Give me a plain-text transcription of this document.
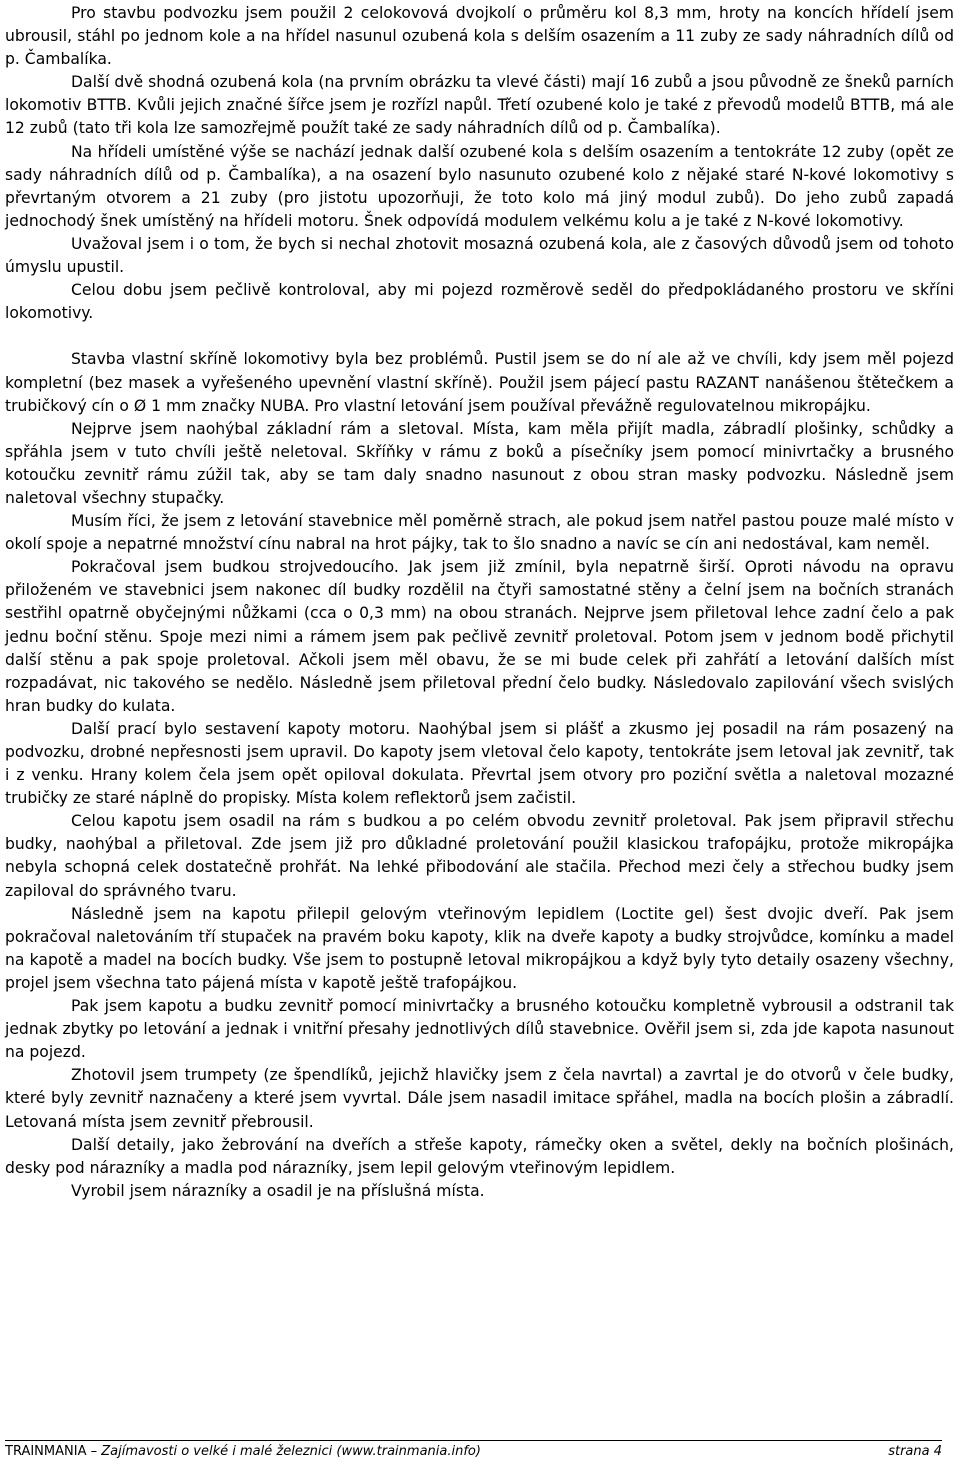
Pro stavbu podvozku jsem použil 2 celokovová dvojkolí o průměru kol 8,3 mm, hroty na koncích hřídelí jsem ubrousil, stáhl po jednom kole a na hřídel nasunul ozubená kola s delším osazením a 11 zuby ze sady náhradních dílů od p. Čambalíka.

Další dvě shodná ozubená kola (na prvním obrázku ta vlevé části) mají 16 zubů a jsou původně ze šneků parních lokomotiv BTTB. Kvůli jejich značné šířce jsem je rozřízl napůl. Třetí ozubené kolo je také z převodů modelů BTTB, má ale 12 zubů (tato tři kola lze samozřejmě použít také ze sady náhradních dílů od p. Čambalíka).

Na hřídeli umístěné výše se nachází jednak další ozubené kola s delším osazením a tentokráte 12 zuby (opět ze sady náhradních dílů od p. Čambalíka), a na osazení bylo nasunuto ozubené kolo z nějaké staré N-kové lokomotivy s převrtaným otvorem a 21 zuby (pro jistotu upozorňuji, že toto kolo má jiný modul zubů). Do jeho zubů zapadá jednochodý šnek umístěný na hřídeli motoru. Šnek odpovídá modulem velkému kolu a je také z N-kové lokomotivy.

Uvažoval jsem i o tom, že bych si nechal zhotovit mosazná ozubená kola, ale z časových důvodů jsem od tohoto úmyslu upustil.

Celou dobu jsem pečlivě kontroloval, aby mi pojezd rozměrově seděl do předpokládaného prostoru ve skříni lokomotivy.

Stavba vlastní skříně lokomotivy byla bez problémů. Pustil jsem se do ní ale až ve chvíli, kdy jsem měl pojezd kompletní (bez masek a vyřešeného upevnění vlastní skříně). Použil jsem pájecí pastu RAZANT nanášenou štětečkem a trubičkový cín o Ø 1 mm značky NUBA. Pro vlastní letování jsem používal převážně regulovatelnou mikropájku.

Nejprve jsem naohýbal základní rám a sletoval. Místa, kam měla přijít madla, zábradlí plošinky, schůdky a spřáhla jsem v tuto chvíli ještě neletoval. Skříňky v rámu z boků a písečníky jsem pomocí minivrtačky a brusného kotoučku zevnitř rámu zúžil tak, aby se tam daly snadno nasunout z obou stran masky podvozku. Následně jsem naletoval všechny stupačky.

Musím říci, že jsem z letování stavebnice měl poměrně strach, ale pokud jsem natřel pastou pouze malé místo v okolí spoje a nepatrné množství cínu nabral na hrot pájky, tak to šlo snadno a navíc se cín ani nedostával, kam neměl.

Pokračoval jsem budkou strojvedoucího. Jak jsem již zmínil, byla nepatrně širší. Oproti návodu na opravu přiloženém ve stavebnici jsem nakonec díl budky rozdělil na čtyři samostatné stěny a čelní jsem na bočních stranách sestřihl opatrně obyčejnými nůžkami (cca o 0,3 mm) na obou stranách. Nejprve jsem přiletoval lehce zadní čelo a pak jednu boční stěnu. Spoje mezi nimi a rámem jsem pak pečlivě zevnitř proletoval. Potom jsem v jednom bodě přichytil další stěnu a pak spoje proletoval. Ačkoli jsem měl obavu, že se mi bude celek při zahřátí a letování dalších míst rozpadávat, nic takového se nedělo. Následně jsem přiletoval přední čelo budky. Následovalo zapilování všech svislých hran budky do kulata.

Další prací bylo sestavení kapoty motoru. Naohýbal jsem si plášť a zkusmo jej posadil na rám posazený na podvozku, drobné nepřesnosti jsem upravil. Do kapoty jsem vletoval čelo kapoty, tentokráte jsem letoval jak zevnitř, tak i z venku. Hrany kolem čela jsem opět opiloval dokulata. Převrtal jsem otvory pro poziční světla a naletoval mozazné trubičky ze staré náplně do propisky. Místa kolem reflektorů jsem začistil.

Celou kapotu jsem osadil na rám s budkou a po celém obvodu zevnitř proletoval. Pak jsem připravil střechu budky, naohýbal a přiletoval. Zde jsem již pro důkladné proletování použil klasickou trafopájku, protože mikropájka nebyla schopná celek dostatečně prohřát. Na lehké přibodování ale stačila. Přechod mezi čely a střechou budky jsem zapiloval do správného tvaru.

Následně jsem na kapotu přilepil gelovým vteřinovým lepidlem (Loctite gel) šest dvojic dveří. Pak jsem pokračoval naletováním tří stupaček na pravém boku kapoty, klik na dveře kapoty a budky strojvůdce, komínku a madel na kapotě a madel na bocích budky. Vše jsem to postupně letoval mikropájkou a když byly tyto detaily osazeny všechny, projel jsem všechna tato pájená místa v kapotě ještě trafopájkou.

Pak jsem kapotu a budku zevnitř pomocí minivrtačky a brusného kotoučku kompletně vybrousil a odstranil tak jednak zbytky po letování a jednak i vnitřní přesahy jednotlivých dílů stavebnice. Ověřil jsem si, zda jde kapota nasunout na pojezd.

Zhotovil jsem trumpety (ze špendlíků, jejichž hlavičky jsem z čela navrtal) a zavrtal je do otvorů v čele budky, které byly zevnitř naznačeny a které jsem vyvrtal. Dále jsem nasadil imitace spřáhel, madla na bocích plošin a zábradlí. Letovaná místa jsem zevnitř přebrousil.

Další detaily, jako žebrování na dveřích a střeše kapoty, rámečky oken a světel, dekly na bočních plošinách, desky pod nárazníky a madla pod nárazníky, jsem lepil gelovým vteřinovým lepidlem.

Vyrobil jsem nárazníky a osadil je na příslušná místa.

TRAINMANIA – Zajímavosti o velké i malé železnici (www.trainmania.info)	strana 4
